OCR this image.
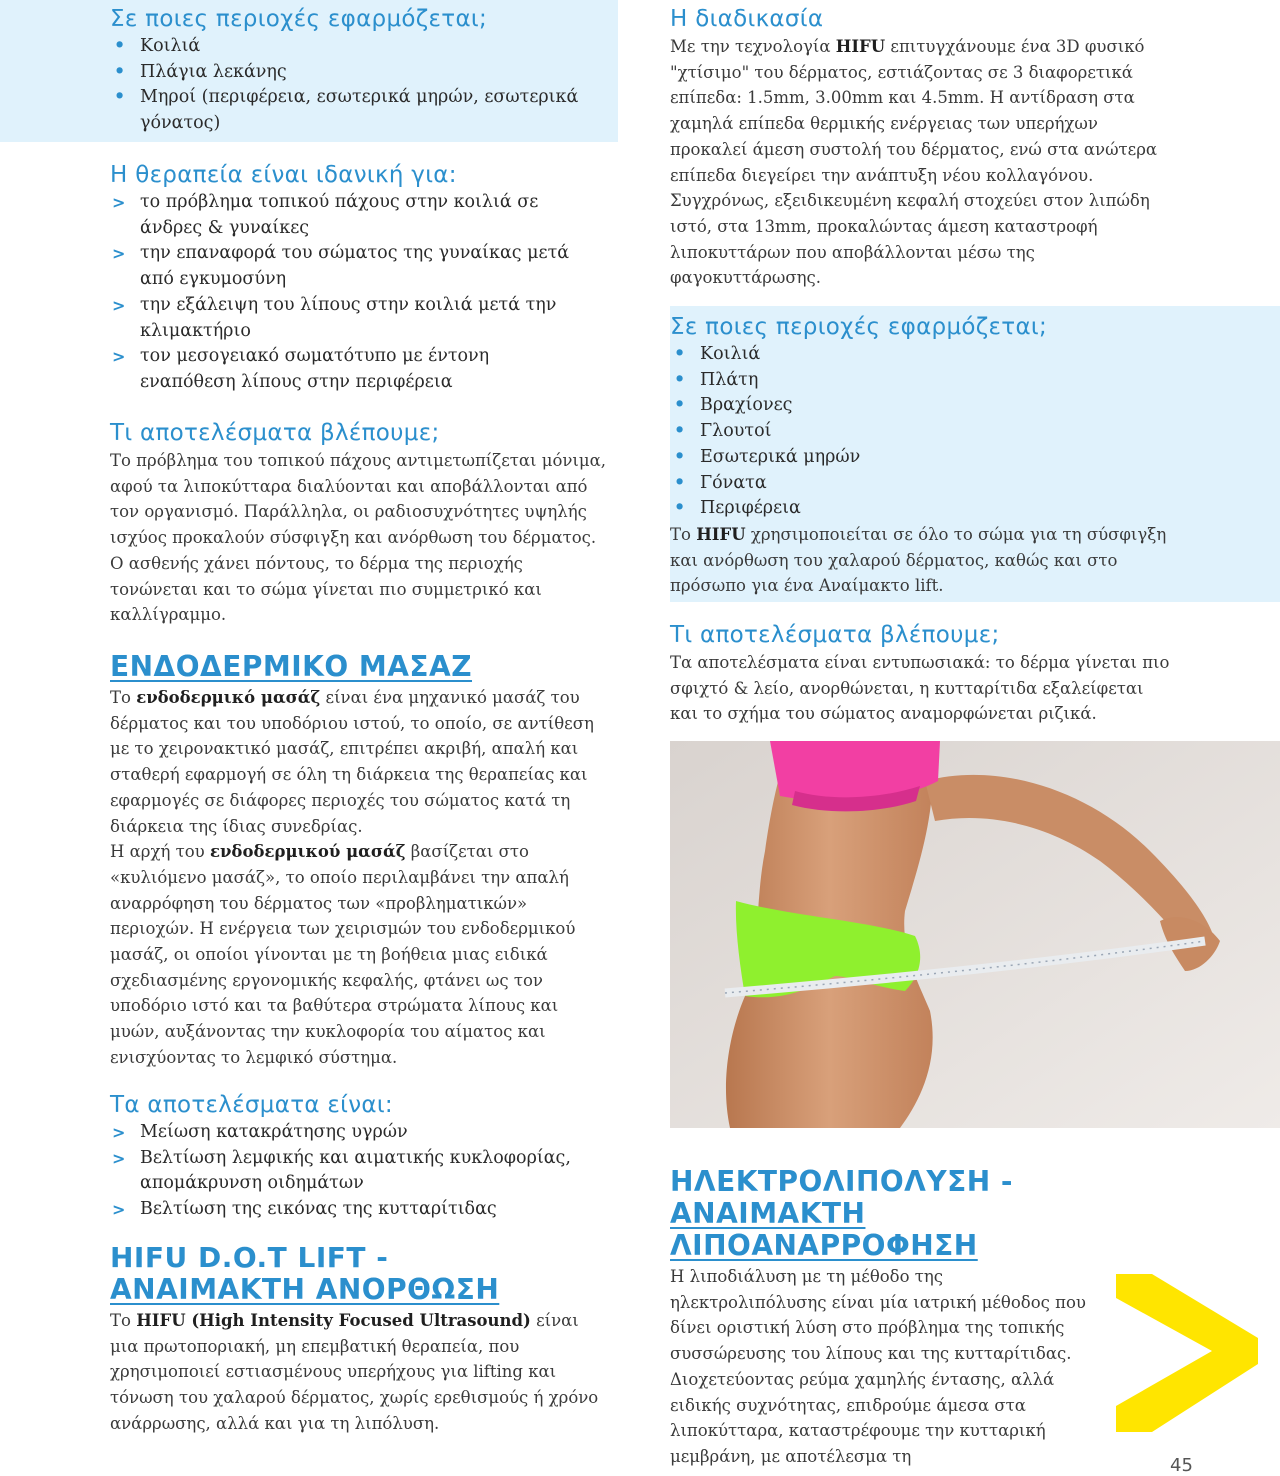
Σε ποιες περιοχές εφαρμόζεται;
• Κοιλιά
• Πλάγια λεκάνης
• Μηροί (περιφέρεια, εσωτερικά μηρών, εσωτερικά γόνατος)
Η θεραπεία είναι ιδανική για:
> το πρόβλημα τοπικού πάχους στην κοιλιά σε άνδρες & γυναίκες
> την επαναφορά του σώματος της γυναίκας μετά από εγκυμοσύνη
> την εξάλειψη του λίπους στην κοιλιά μετά την κλιμακτήριο
> τον μεσογειακό σωματότυπο με έντονη εναπόθεση λίπους στην περιφέρεια
Τι αποτελέσματα βλέπουμε;

Το πρόβλημα του τοπικού πάχους αντιμετωπίζεται μόνιμα, αφού τα λιποκύτταρα διαλύονται και αποβάλλονται από τον οργανισμό. Παράλληλα, οι ραδιοσυχνότητες υψηλής ισχύος προκαλούν σύσφιγξη και ανόρθωση του δέρματος. Ο ασθενής χάνει πόντους, το δέρμα της περιοχής τονώνεται και το σώμα γίνεται πιο συμμετρικό και καλλίγραμμο.

ΕΝΔΟΔΕΡΜΙΚΟ ΜΑΣΑΖ

Το ενδοδερμικό μασάζ είναι ένα μηχανικό μασάζ του δέρματος και του υποδόριου ιστού, το οποίο, σε αντίθεση με το χειρονακτικό μασάζ, επιτρέπει ακριβή, απαλή και σταθερή εφαρμογή σε όλη τη διάρκεια της θεραπείας και εφαρμογές σε διάφορες περιοχές του σώματος κατά τη διάρκεια της ίδιας συνεδρίας.

Η αρχή του ενδοδερμικού μασάζ βασίζεται στο «κυλιόμενο μασάζ», το οποίο περιλαμβάνει την απαλή αναρρόφηση του δέρματος των «προβληματικών» περιοχών. Η ενέργεια των χειρισμών του ενδοδερμικού μασάζ, οι οποίοι γίνονται με τη βοήθεια μιας ειδικά σχεδιασμένης εργονομικής κεφαλής, φτάνει ως τον υποδόριο ιστό και τα βαθύτερα στρώματα λίπους και μυών, αυξάνοντας την κυκλοφορία του αίματος και ενισχύοντας το λεμφικό σύστημα.

Τα αποτελέσματα είναι:
> Μείωση κατακράτησης υγρών
> Βελτίωση λεμφικής και αιματικής κυκλοφορίας, απομάκρυνση οιδημάτων
> Βελτίωση της εικόνας της κυτταρίτιδας
HIFU D.O.T LIFT -
ΑΝΑΙΜΑΚΤΗ ΑΝΟΡΘΩΣΗ

Το HIFU (High Intensity Focused Ultrasound) είναι μια πρωτοποριακή, μη επεμβατική θεραπεία, που χρησιμοποιεί εστιασμένους υπερήχους για lifting και τόνωση του χαλαρού δέρματος, χωρίς ερεθισμούς ή χρόνο ανάρρωσης, αλλά και για τη λιπόλυση.

Η διαδικασία

Με την τεχνολογία HIFU επιτυγχάνουμε ένα 3D φυσικό "χτίσιμο" του δέρματος, εστιάζοντας σε 3 διαφορετικά επίπεδα: 1.5mm, 3.00mm και 4.5mm. Η αντίδραση στα χαμηλά επίπεδα θερμικής ενέργειας των υπερήχων προκαλεί άμεση συστολή του δέρματος, ενώ στα ανώτερα επίπεδα διεγείρει την ανάπτυξη νέου κολλαγόνου. Συγχρόνως, εξειδικευμένη κεφαλή στοχεύει στον λιπώδη ιστό, στα 13mm, προκαλώντας άμεση καταστροφή λιποκυττάρων που αποβάλλονται μέσω της φαγοκυττάρωσης.

Σε ποιες περιοχές εφαρμόζεται;
• Κοιλιά
• Πλάτη
• Βραχίονες
• Γλουτοί
• Εσωτερικά μηρών
• Γόνατα
• Περιφέρεια

Το HIFU χρησιμοποιείται σε όλο το σώμα για τη σύσφιγξη και ανόρθωση του χαλαρού δέρματος, καθώς και στο πρόσωπο για ένα Αναίμακτο lift.

Τι αποτελέσματα βλέπουμε;

Τα αποτελέσματα είναι εντυπωσιακά: το δέρμα γίνεται πιο σφιχτό & λείο, ανορθώνεται, η κυτταρίτιδα εξαλείφεται και το σχήμα του σώματος αναμορφώνεται ριζικά.

ΗΛΕΚΤΡΟΛΙΠΟΛΥΣΗ -
ΑΝΑΙΜΑΚΤΗ ΛΙΠΟΑΝΑΡΡΟΦΗΣΗ

Η λιποδιάλυση με τη μέθοδο της ηλεκτρολιπόλυσης είναι μία ιατρική μέθοδος που δίνει οριστική λύση στο πρόβλημα της τοπικής συσσώρευσης του λίπους και της κυτταρίτιδας. Διοχετεύοντας ρεύμα χαμηλής έντασης, αλλά ειδικής συχνότητας, επιδρούμε άμεσα στα λιποκύτταρα, καταστρέφουμε την κυτταρική μεμβράνη, με αποτέλεσμα τη	45
